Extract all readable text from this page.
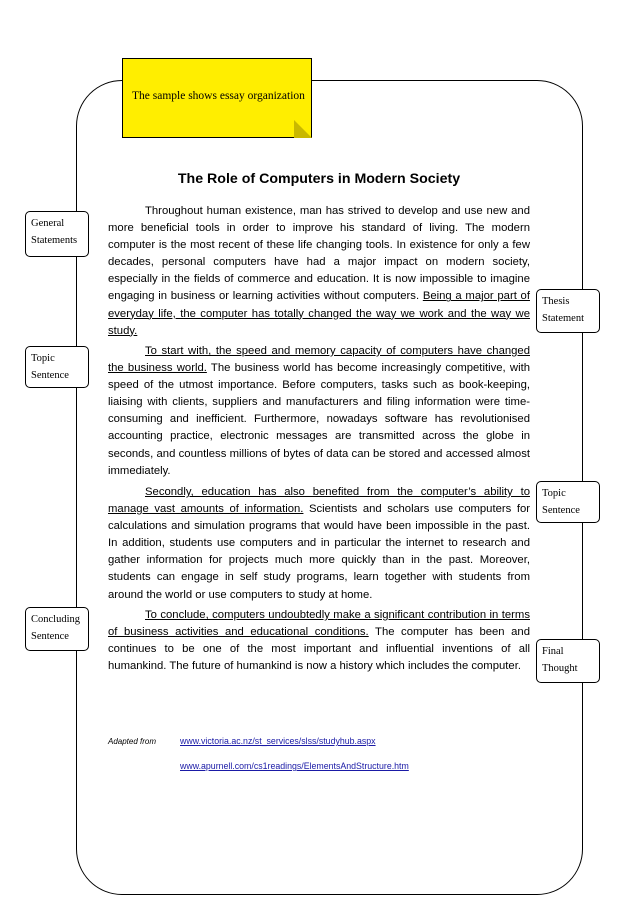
The sample shows essay organization
The Role of Computers in Modern Society

Throughout human existence, man has strived to develop and use new and more beneficial tools in order to improve his standard of living. The modern computer is the most recent of these life changing tools. In existence for only a few decades, personal computers have had a major impact on modern society, especially in the fields of commerce and education. It is now impossible to imagine engaging in business or learning activities without computers. Being a major part of everyday life, the computer has totally changed the way we work and the way we study.

To start with, the speed and memory capacity of computers have changed the business world. The business world has become increasingly competitive, with speed of the utmost importance. Before computers, tasks such as book-keeping, liaising with clients, suppliers and manufacturers and filing information were time-consuming and inefficient. Furthermore, nowadays software has revolutionised accounting practice, electronic messages are transmitted across the globe in seconds, and countless millions of bytes of data can be stored and accessed almost immediately.

Secondly, education has also benefited from the computer’s ability to manage vast amounts of information. Scientists and scholars use computers for calculations and simulation programs that would have been impossible in the past. In addition, students use computers and in particular the internet to research and gather information for projects much more quickly than in the past. Moreover, students can engage in self study programs, learn together with students from around the world or use computers to study at home.

To conclude, computers undoubtedly make a significant contribution in terms of business activities and educational conditions. The computer has been and continues to be one of the most important and influential inventions of all humankind. The future of humankind is now a history which includes the computer.

General Statements
Topic Sentence
Concluding Sentence
Thesis Statement
Topic Sentence
Final Thought
Adapted from	www.victoria.ac.nz/st_services/slss/studyhub.aspx
www.apurnell.com/cs1readings/ElementsAndStructure.htm
